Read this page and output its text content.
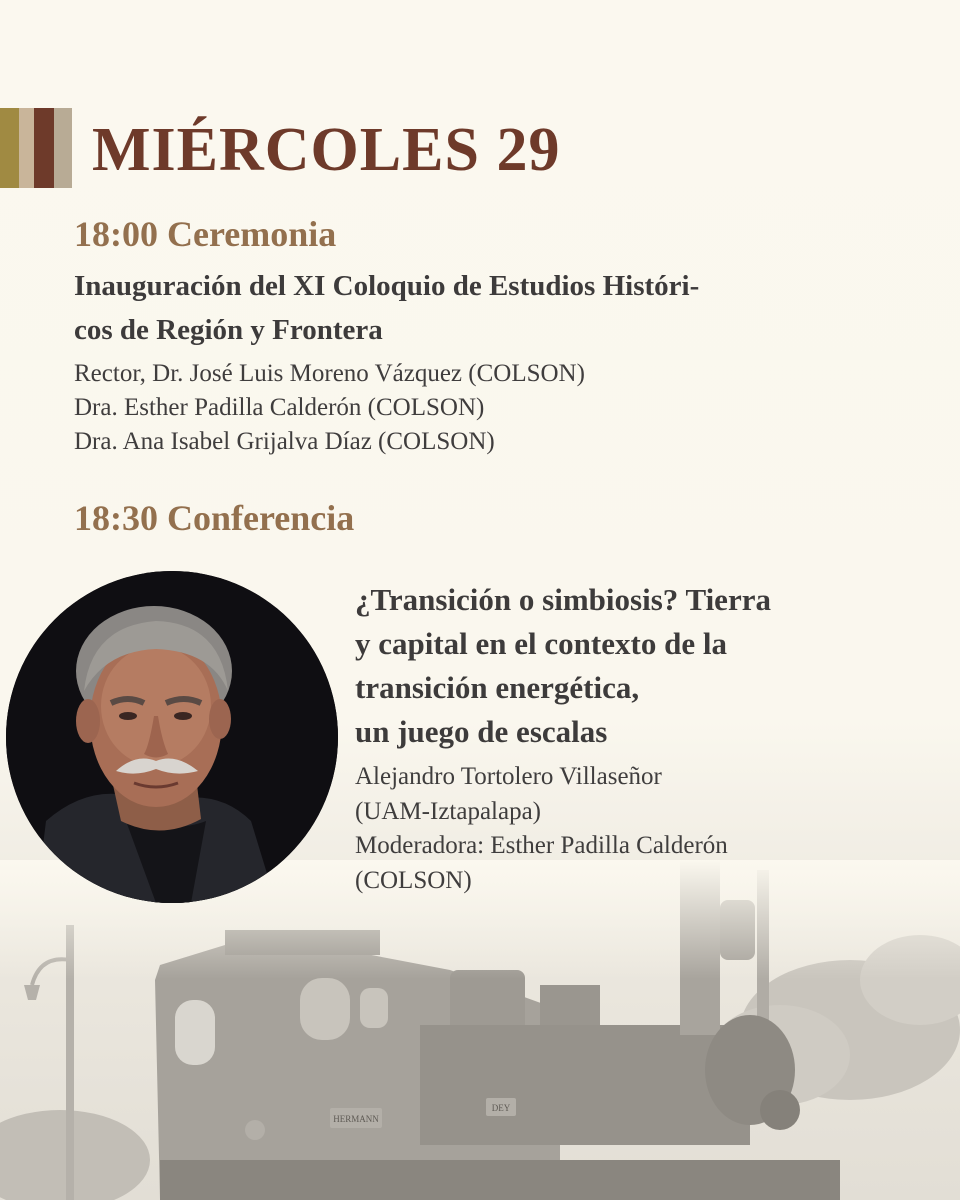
MIÉRCOLES 29
18:00 Ceremonia
Inauguración del XI Coloquio de Estudios Históri-
cos de Región y Frontera
Rector, Dr. José Luis Moreno Vázquez (COLSON)
Dra. Esther Padilla Calderón (COLSON)
Dra. Ana Isabel Grijalva Díaz (COLSON)
18:30 Conferencia
¿Transición o simbiosis? Tierra
y capital en el contexto de la
transición energética,
un juego de escalas
Alejandro Tortolero Villaseñor
(UAM-Iztapalapa)
Moderadora: Esther Padilla Calderón
(COLSON)
